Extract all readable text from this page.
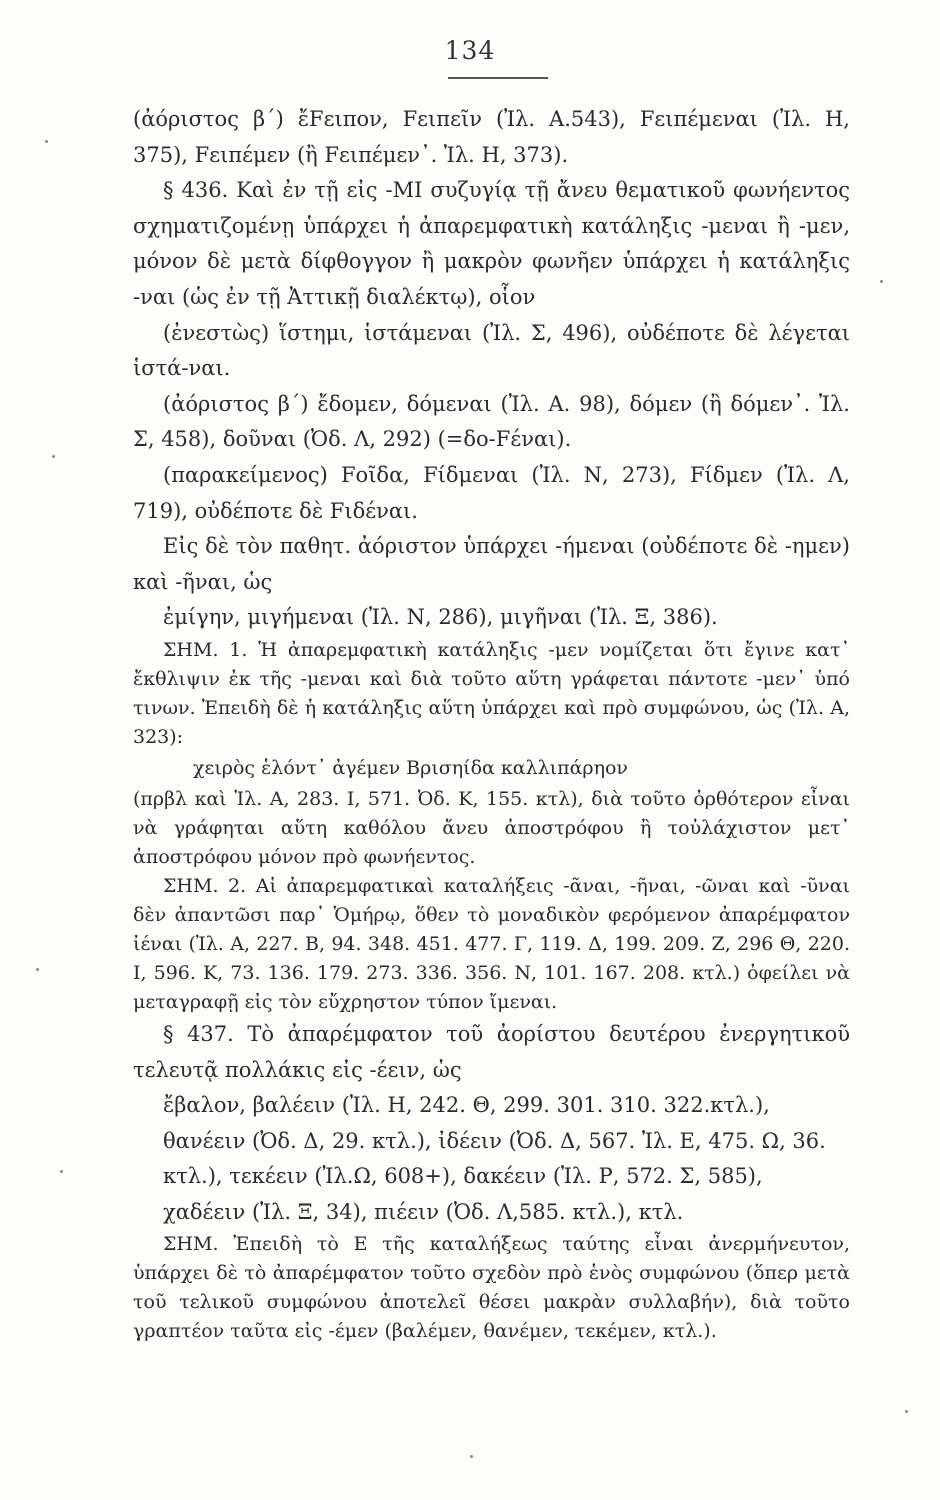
134

(ἀόριστος β΄) ἔFειπον, Fειπεῖν (Ἰλ. Α.543), Fειπέμεναι (Ἰλ. Η, 375), Fειπέμεν (ἢ Fειπέμεν᾽. Ἰλ. Η, 373).

§ 436. Καὶ ἐν τῇ εἰς -ΜΙ συζυγίᾳ τῇ ἄνευ θεματικοῦ φωνήεντος σχηματιζομένῃ ὑπάρχει ἡ ἀπαρεμφατικὴ κατάληξις -μεναι ἢ -μεν, μόνον δὲ μετὰ δίφθογγον ἢ μακρὸν φωνῆεν ὑπάρχει ἡ κατάληξις -ναι (ὡς ἐν τῇ Ἀττικῇ διαλέκτῳ), οἷον

(ἐνεστὼς) ἵστημι, ἱστάμεναι (Ἰλ. Σ, 496), οὐδέποτε δὲ λέγεται ἱστά-ναι.

(ἀόριστος β΄) ἔδομεν, δόμεναι (Ἰλ. Α. 98), δόμεν (ἢ δόμεν᾽. Ἰλ. Σ, 458), δοῦναι (Ὀδ. Λ, 292) (=δο-Fέναι).

(παρακείμενος) Fοῖδα, Fίδμεναι (Ἰλ. Ν, 273), Fίδμεν (Ἰλ. Λ, 719), οὐδέποτε δὲ Fιδέναι.

Εἰς δὲ τὸν παθητ. ἀόριστον ὑπάρχει -ήμεναι (οὐδέποτε δὲ -ημεν) καὶ -ῆναι, ὡς

ἐμίγην, μιγήμεναι (Ἰλ. Ν, 286), μιγῆναι (Ἰλ. Ξ, 386).

ΣΗΜ. 1. Ἡ ἀπαρεμφατικὴ κατάληξις -μεν νομίζεται ὅτι ἔγινε κατ᾽ ἔκθλιψιν ἐκ τῆς -μεναι καὶ διὰ τοῦτο αὕτη γράφεται πάντοτε -μεν᾽ ὑπό τινων. Ἐπειδὴ δὲ ἡ κατάληξις αὕτη ὑπάρχει καὶ πρὸ συμφώνου, ὡς (Ἰλ. Α, 323):

χειρὸς ἑλόντ᾽ ἀγέμεν Βρισηίδα καλλιπάρηον

(πρβλ καὶ Ἰλ. Α, 283. Ι, 571. Ὀδ. Κ, 155. κτλ), διὰ τοῦτο ὀρθότερον εἶναι νὰ γράφηται αὕτη καθόλου ἄνευ ἀποστρόφου ἢ τοὐλάχιστον μετ᾽ ἀποστρόφου μόνον πρὸ φωνήεντος.

ΣΗΜ. 2. Αἱ ἀπαρεμφατικαὶ καταλήξεις -ᾶναι, -ῆναι, -ῶναι καὶ -ῦναι δὲν ἀπαντῶσι παρ᾽ Ὁμήρῳ, ὅθεν τὸ μοναδικὸν φερόμενον ἀπαρέμφατον ἰέναι (Ἰλ. Α, 227. Β, 94. 348. 451. 477. Γ, 119. Δ, 199. 209. Ζ, 296 Θ, 220. Ι, 596. Κ, 73. 136. 179. 273. 336. 356. Ν, 101. 167. 208. κτλ.) ὀφείλει νὰ μεταγραφῇ εἰς τὸν εὔχρηστον τύπον ἴμεναι.

§ 437. Τὸ ἀπαρέμφατον τοῦ ἀορίστου δευτέρου ἐνεργητικοῦ τελευτᾷ πολλάκις εἰς -έειν, ὡς

ἔβαλον, βαλέειν (Ἰλ. Η, 242. Θ, 299. 301. 310. 322.κτλ.), θανέειν (Ὀδ. Δ, 29. κτλ.), ἰδέειν (Ὀδ. Δ, 567. Ἰλ. Ε, 475. Ω, 36. κτλ.), τεκέειν (Ἰλ.Ω, 608+), δακέειν (Ἰλ. Ρ, 572. Σ, 585), χαδέειν (Ἰλ. Ξ, 34), πιέειν (Ὀδ. Λ,585. κτλ.), κτλ.

ΣΗΜ. Ἐπειδὴ τὸ Ε τῆς καταλήξεως ταύτης εἶναι ἀνερμήνευτον, ὑπάρχει δὲ τὸ ἀπαρέμφατον τοῦτο σχεδὸν πρὸ ἑνὸς συμφώνου (ὅπερ μετὰ τοῦ τελικοῦ συμφώνου ἀποτελεῖ θέσει μακρὰν συλλαβήν), διὰ τοῦτο γραπτέον ταῦτα εἰς -έμεν (βαλέμεν, θανέμεν, τεκέμεν, κτλ.).
